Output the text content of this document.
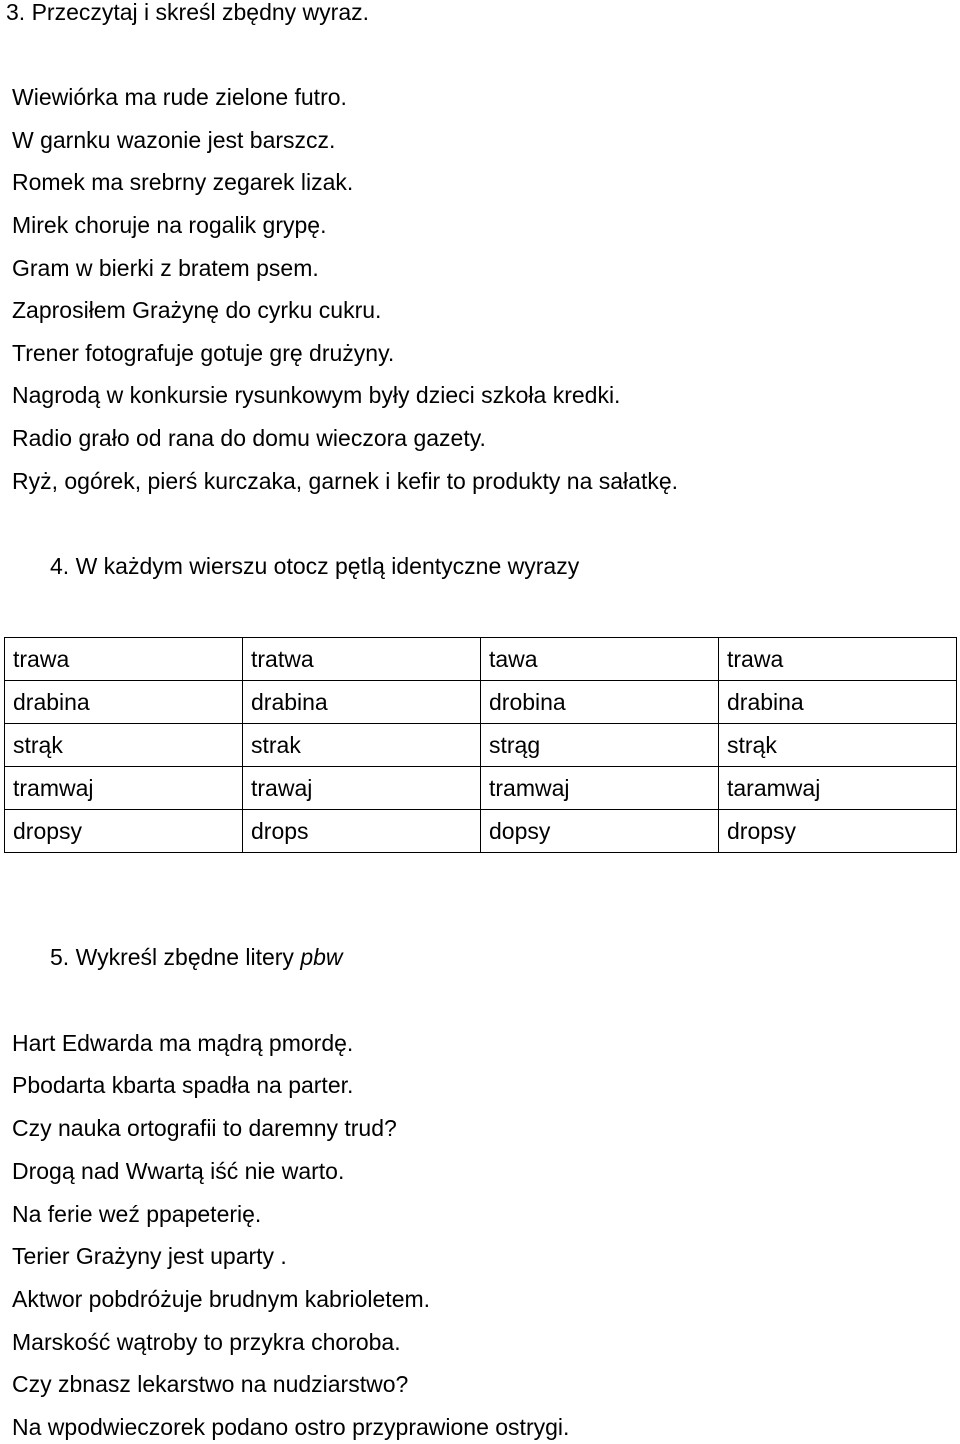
3. Przeczytaj i skreśl zbędny wyraz.
Wiewiórka ma rude zielone futro.
W garnku wazonie jest barszcz.
Romek ma srebrny zegarek lizak.
Mirek choruje na rogalik grypę.
Gram w bierki z bratem psem.
Zaprosiłem Grażynę do cyrku cukru.
Trener fotografuje gotuje grę drużyny.
Nagrodą w konkursie rysunkowym były dzieci szkoła kredki.
Radio grało od rana do domu wieczora gazety.
Ryż, ogórek, pierś kurczaka, garnek i kefir to produkty na sałatkę.
4. W każdym wierszu otocz pętlą identyczne wyrazy
trawa	tratwa	tawa	trawa
drabina	drabina	drobina	drabina
strąk	strak	strąg	strąk
tramwaj	trawaj	tramwaj	taramwaj
dropsy	drops	dopsy	dropsy
5. Wykreśl zbędne litery pbw
Hart Edwarda ma mądrą pmordę.
Pbodarta kbarta spadła na parter.
Czy nauka ortografii to daremny trud?
Drogą nad Wwartą iść nie warto.
Na ferie weź ppapeterię.
Terier Grażyny jest uparty .
Aktwor pobdróżuje brudnym kabrioletem.
Marskość wątroby to przykra choroba.
Czy zbnasz lekarstwo na nudziarstwo?
Na wpodwieczorek podano ostro przyprawione ostrygi.
